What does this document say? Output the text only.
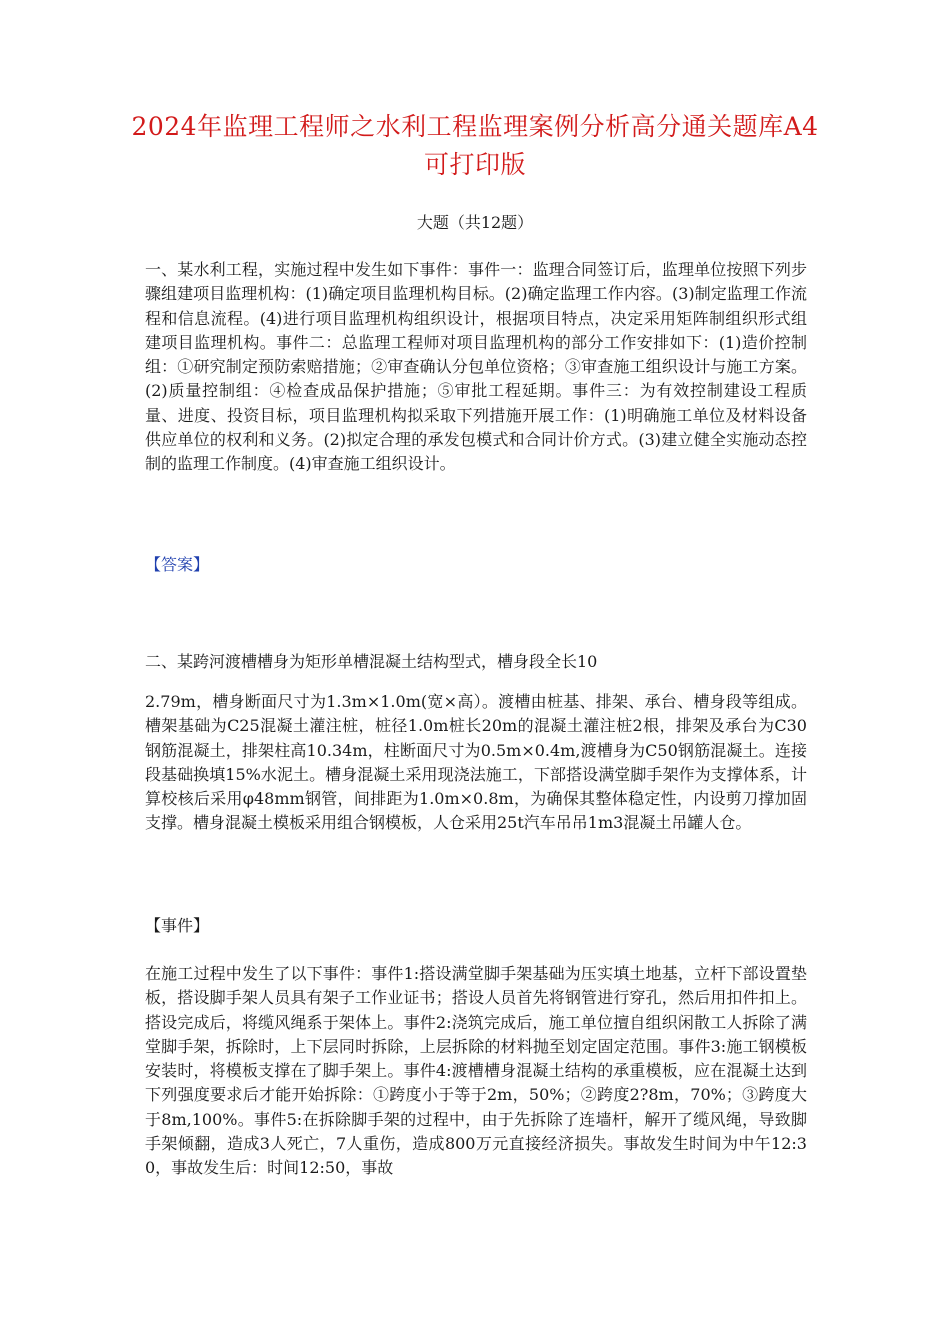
2024年监理工程师之水利工程监理案例分析高分通关题库A4可打印版
大题（共12题）

一、某水利工程，实施过程中发生如下事件：事件一：监理合同签订后，监理单位按照下列步骤组建项目监理机构：(1)确定项目监理机构目标。(2)确定监理工作内容。(3)制定监理工作流程和信息流程。(4)进行项目监理机构组织设计，根据项目特点，决定采用矩阵制组织形式组建项目监理机构。事件二：总监理工程师对项目监理机构的部分工作安排如下：(1)造价控制组：①研究制定预防索赔措施；②审查确认分包单位资格；③审查施工组织设计与施工方案。(2)质量控制组：④检查成品保护措施；⑤审批工程延期。事件三：为有效控制建设工程质量、进度、投资目标，项目监理机构拟采取下列措施开展工作：(1)明确施工单位及材料设备供应单位的权利和义务。(2)拟定合理的承发包模式和合同计价方式。(3)建立健全实施动态控制的监理工作制度。(4)审查施工组织设计。

【答案】
二、某跨河渡槽槽身为矩形单槽混凝土结构型式，槽身段全长10

2.79m，槽身断面尺寸为1.3m×1.0m(宽×高）。渡槽由桩基、排架、承台、槽身段等组成。槽架基础为C25混凝土灌注桩，桩径1.0m桩长20m的混凝土灌注桩2根，排架及承台为C30钢筋混凝土，排架柱高10.34m，柱断面尺寸为0.5m×0.4m,渡槽身为C50钢筋混凝土。连接段基础换填15%水泥土。槽身混凝土采用现浇法施工，下部搭设满堂脚手架作为支撑体系，计算校核后采用φ48mm钢管，间排距为1.0m×0.8m，为确保其整体稳定性，内设剪刀撑加固支撑。槽身混凝土模板采用组合钢模板，人仓采用25t汽车吊吊1m3混凝土吊罐人仓。

【事件】

在施工过程中发生了以下事件：事件1:搭设满堂脚手架基础为压实填土地基，立杆下部设置垫板，搭设脚手架人员具有架子工作业证书；搭设人员首先将钢管进行穿孔，然后用扣件扣上。搭设完成后，将缆风绳系于架体上。事件2:浇筑完成后，施工单位擅自组织闲散工人拆除了满堂脚手架，拆除时，上下层同时拆除，上层拆除的材料抛至划定固定范围。事件3:施工钢模板安装时，将模板支撑在了脚手架上。事件4:渡槽槽身混凝土结构的承重模板，应在混凝土达到下列强度要求后才能开始拆除：①跨度小于等于2m，50%；②跨度2?8m，70%；③跨度大于8m,100%。事件5:在拆除脚手架的过程中，由于先拆除了连墙杆，解开了缆风绳，导致脚手架倾翻，造成3人死亡，7人重伤，造成800万元直接经济损失。事故发生时间为中午12:30，事故发生后：时间12:50，事故
